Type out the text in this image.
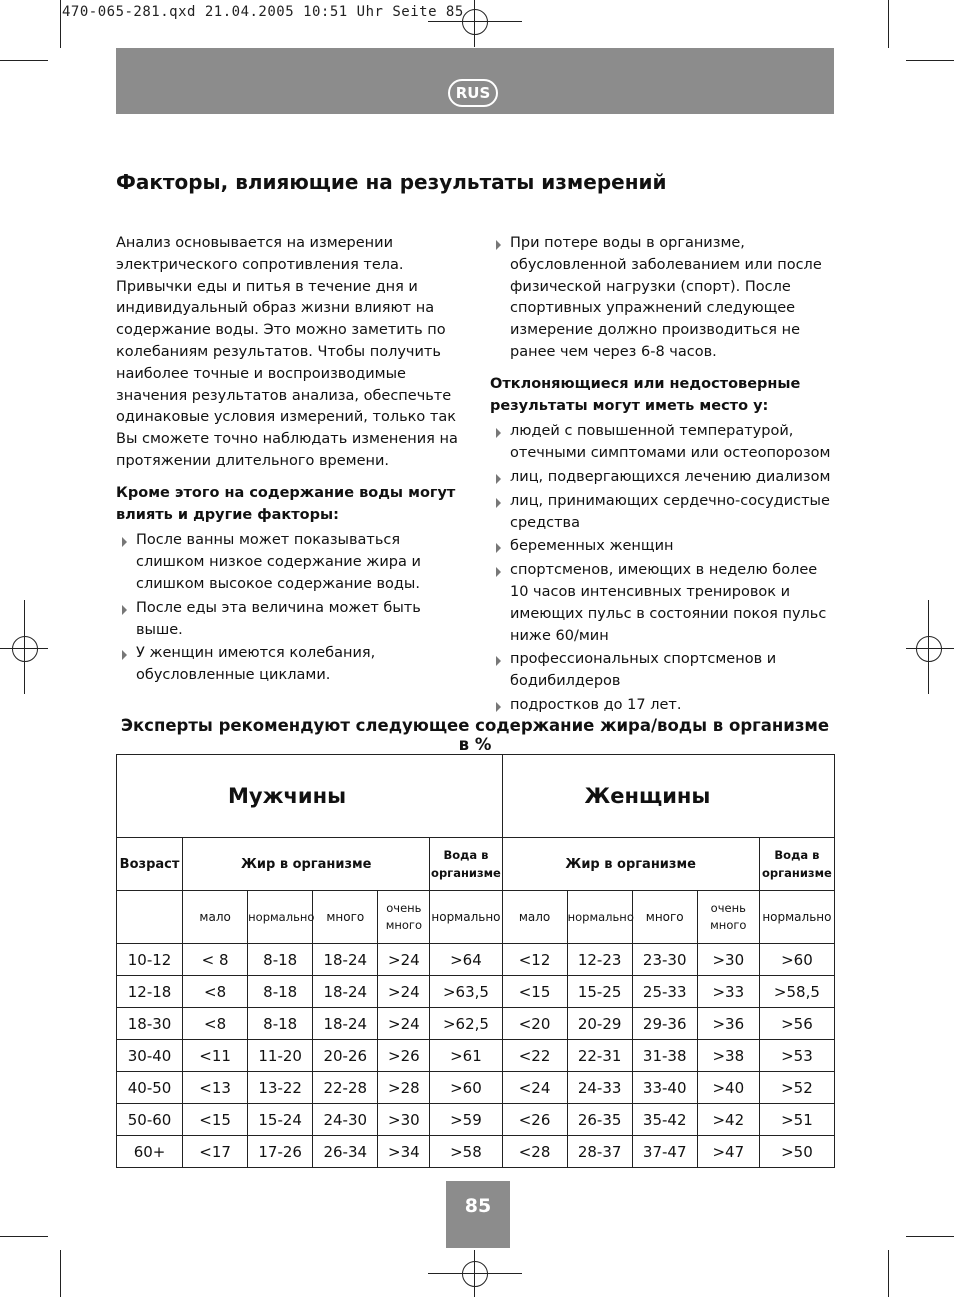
470-065-281.qxd 21.04.2005 10:51 Uhr Seite 85
RUS
Факторы, влияющие на результаты измерений

Анализ основывается на измерении электрического сопротивления тела. Привычки еды и питья в течение дня и индивидуальный образ жизни влияют на содержание воды. Это можно заметить по колебаниям результатов. Чтобы получить наиболее точные и воспроизводимые значения результатов анализа, обеспечьте одинаковые условия измерений, только так Вы сможете точно наблюдать изменения на протяжении длительного времени.

Кроме этого на содержание воды могут влиять и другие факторы:

После ванны может показываться слишком низкое содержание жира и слишком высокое содержание воды.
После еды эта величина может быть выше.
У женщин имеются колебания, обусловленные циклами.
При потере воды в организме, обусловленной заболеванием или после физической нагрузки (спорт). После спортивных упражнений следующее измерение должно производиться не ранее чем через 6-8 часов.

Отклоняющиеся или недостоверные результаты могут иметь место у:

людей с повышенной температурой, отечными симптомами или остеопорозом
лиц, подвергающихся лечению диализом
лиц, принимающих сердечно-сосудистые средства
беременных женщин
спортсменов, имеющих в неделю более 10 часов интенсивных тренировок и имеющих пульс в состоянии покоя пульс ниже 60/мин
профессиональных спортсменов и бодибилдеров
подростков до 17 лет.

Эксперты рекомендуют следующее содержание жира/воды в организме в %

Мужчины						Женщины				
Возраст	Жир в организме				Вода в организме	Жир в организме				Вода в организме
	мало	нормально	много	очень много	нормально	мало	нормально	много	очень много	нормально
10-12	< 8	8-18	18-24	>24	>64	<12	12-23	23-30	>30	>60
12-18	<8	8-18	18-24	>24	>63,5	<15	15-25	25-33	>33	>58,5
18-30	<8	8-18	18-24	>24	>62,5	<20	20-29	29-36	>36	>56
30-40	<11	11-20	20-26	>26	>61	<22	22-31	31-38	>38	>53
40-50	<13	13-22	22-28	>28	>60	<24	24-33	33-40	>40	>52
50-60	<15	15-24	24-30	>30	>59	<26	26-35	35-42	>42	>51
60+	<17	17-26	26-34	>34	>58	<28	28-37	37-47	>47	>50
85
